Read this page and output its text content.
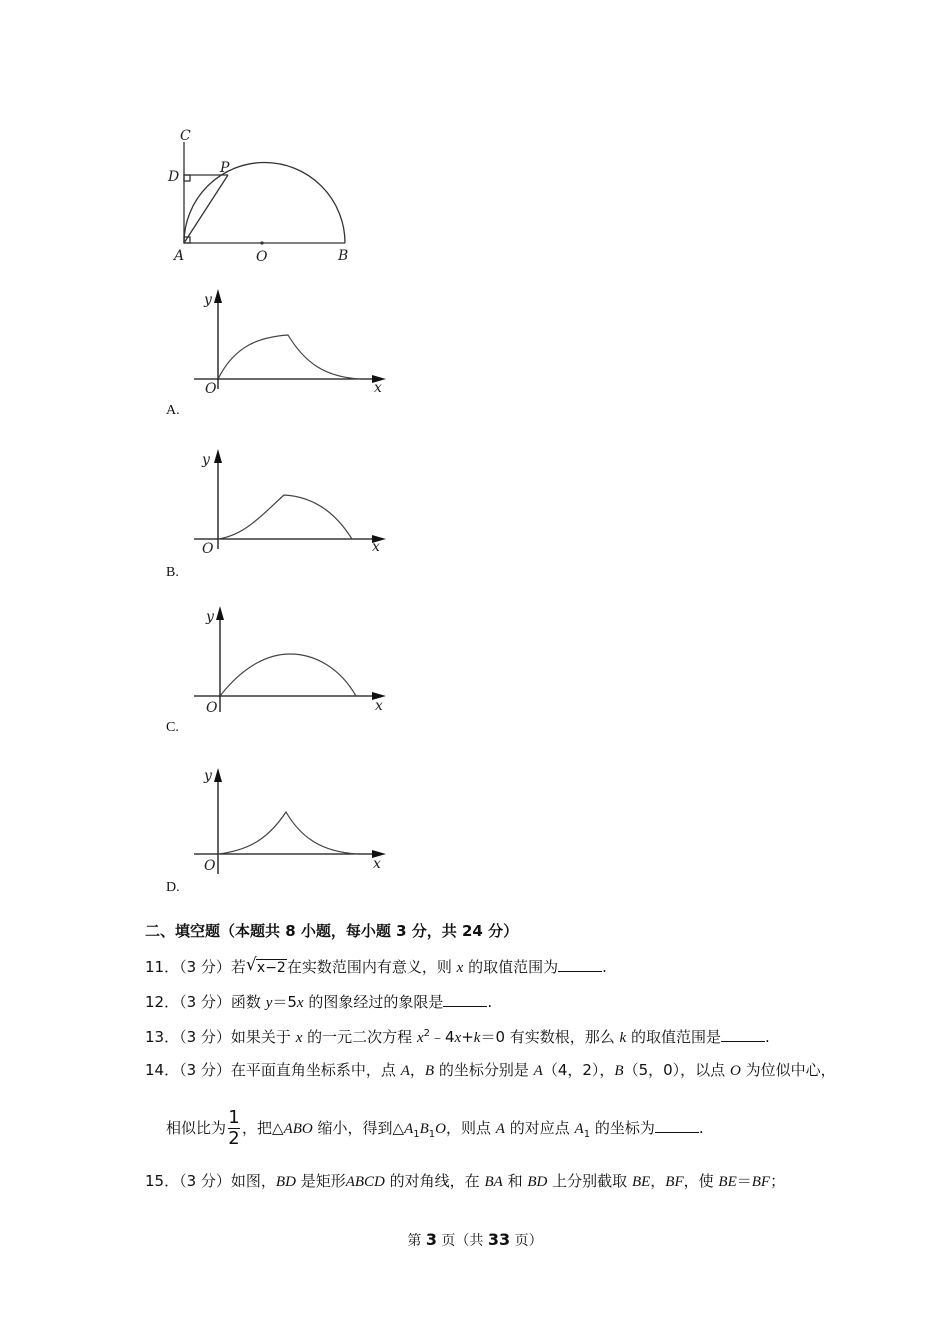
C
D
P
A	O	B
y
O	x
A.
y
O	x
B.
y
O	x
C.
y
O	x
D.
二、填空题（本题共 8 小题，每小题 3 分，共 24 分）
11．（3 分）若 √ x−2在实数范围内有意义，则 x 的取值范围为	.
12．（3 分）函数 y＝5x 的图象经过的象限是	.
13．（3 分）如果关于 x 的一元二次方程 $x^2﹣4x+k=0$ 有实数根，那么 k 的取值范围是	.
14．（3 分）在平面直角坐标系中，点 A，B 的坐标分别是 A（4，2），B（5，0），以点 O 为位似中心，
相似比为 $\frac{1}{2}$ ，把△ABO 缩小，得到$\triangle A_1B_1O$，则点 A 的对应点 $A_1$ 的坐标为	.
15．（3 分）如图，BD 是矩形ABCD 的对角线，在 BA 和 BD 上分别截取 BE，BF，使 BE＝BF；
第 3 页（共 33 页）
